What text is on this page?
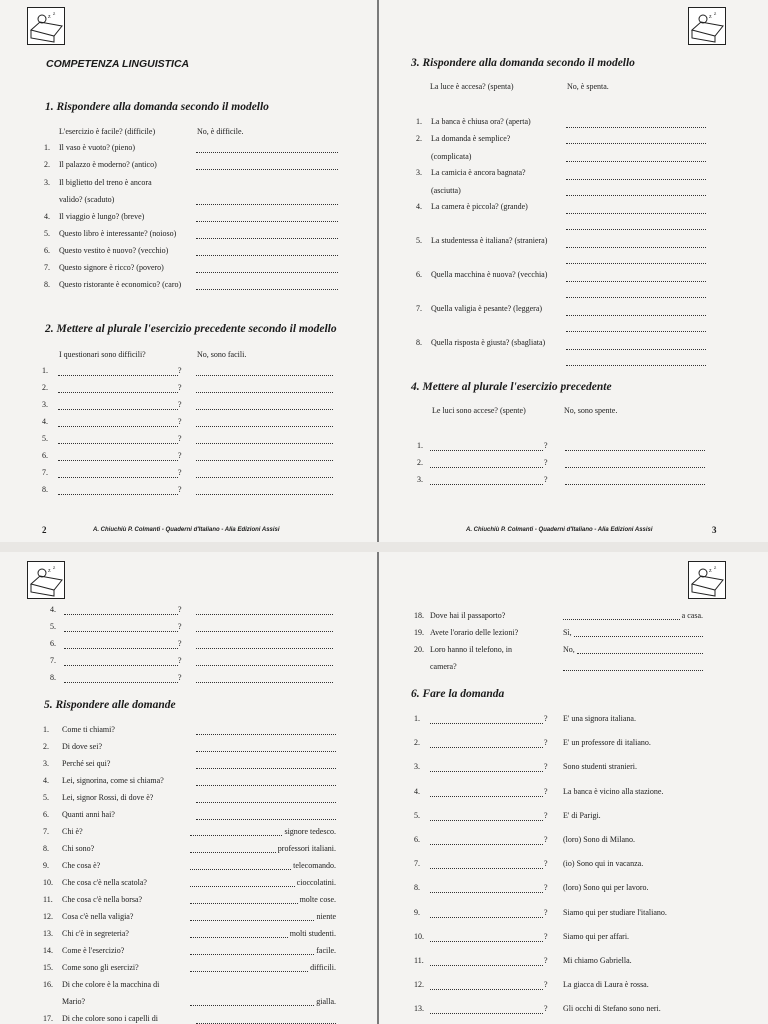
z z
COMPETENZA LINGUISTICA
1. Rispondere alla domanda secondo il modello
L'esercizio è facile? (difficile)	No, è difficile.
1. Il vaso è vuoto? (pieno)
2. Il palazzo è moderno? (antico)
3. Il biglietto del treno è ancora
valido? (scaduto)
4. Il viaggio è lungo? (breve)
5. Questo libro è interessante? (noioso)
6. Questo vestito è nuovo? (vecchio)
7. Questo signore è ricco? (povero)
8. Questo ristorante è economico? (caro)
2. Mettere al plurale l'esercizio precedente secondo il modello
I questionari sono difficili?	No, sono facili.
1.	?
2.	?
3.	?
4.	?
5.	?
6.	?
7.	?
8.	?
2	A. Chiuchiù P. Colmanti - Quaderni d'Italiano - Alia Edizioni Assisi
z z
3. Rispondere alla domanda secondo il modello
La luce è accesa? (spenta)	No, è spenta.
1. La banca è chiusa ora? (aperta)
2. La domanda è semplice?
(complicata)
3. La camicia è ancora bagnata?
(asciutta)
4. La camera è piccola? (grande)
5. La studentessa è italiana? (straniera)
6. Quella macchina è nuova? (vecchia)
7. Quella valigia è pesante? (leggera)
8. Quella risposta è giusta? (sbagliata)
4. Mettere al plurale l'esercizio precedente
Le luci sono accese? (spente)	No, sono spente.
1.	?
2.	?
3.	?
A. Chiuchiù P. Colmanti - Quaderni d'Italiano - Alia Edizioni Assisi	3
z z
4.	?
5.	?
6.	?
7.	?
8.	?
5. Rispondere alle domande
1. Come ti chiami?
2. Di dove sei?
3. Perché sei qui?
4. Lei, signorina, come si chiama?
5. Lei, signor Rossi, di dove è?
6. Quanti anni hai?
7. Chi è?	signore tedesco.
8. Chi sono?	professori italiani.
9. Che cosa è?	telecomando.
10. Che cosa c'è nella scatola?	cioccolatini.
11. Che cosa c'è nella borsa?	molte cose.
12. Cosa c'è nella valigia?	niente
13. Chi c'è in segreteria?	molti studenti.
14. Come è l'esercizio?	facile.
15. Come sono gli esercizi?	difficili.
16. Di che colore è la macchina di
Mario?	gialla.
17. Di che colore sono i capelli di
z z
18. Dove hai il passaporto?	a casa.
19. Avete l'orario delle lezioni?	Sì,
20. Loro hanno il telefono, in	No,
camera?
6. Fare la domanda
1.	? E' una signora italiana.
2.	? E' un professore di italiano.
3.	? Sono studenti stranieri.
4.	? La banca è vicino alla stazione.
5.	? E' di Parigi.
6.	? (loro) Sono di Milano.
7.	? (io) Sono qui in vacanza.
8.	? (loro) Sono qui per lavoro.
9.	? Siamo qui per studiare l'italiano.
10.	? Siamo qui per affari.
11.	? Mi chiamo Gabriella.
12.	? La giacca di Laura è rossa.
13.	? Gli occhi di Stefano sono neri.
